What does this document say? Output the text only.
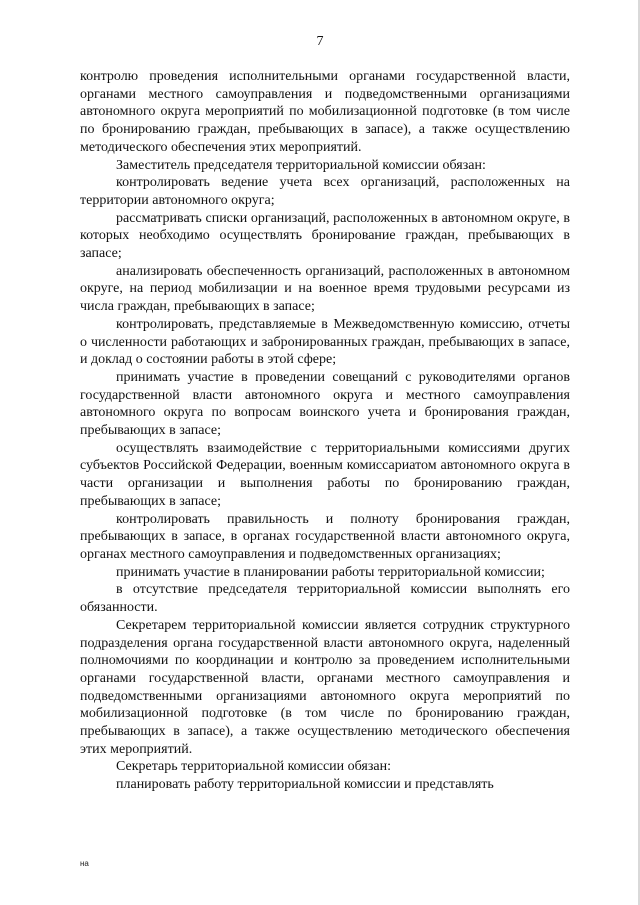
7

контролю проведения исполнительными органами государственной власти, органами местного самоуправления и подведомственными организациями автономного округа мероприятий по мобилизационной подготовке (в том числе по бронированию граждан, пребывающих в запасе), а также осуществлению методического обеспечения этих мероприятий.

Заместитель председателя территориальной комиссии обязан:

контролировать ведение учета всех организаций, расположенных на территории автономного округа;

рассматривать списки организаций, расположенных в автономном округе, в которых необходимо осуществлять бронирование граждан, пребывающих в запасе;

анализировать обеспеченность организаций, расположенных в автономном округе, на период мобилизации и на военное время трудовыми ресурсами из числа граждан, пребывающих в запасе;

контролировать, представляемые в Межведомственную комиссию, отчеты о численности работающих и забронированных граждан, пребывающих в запасе, и доклад о состоянии работы в этой сфере;

принимать участие в проведении совещаний с руководителями органов государственной власти автономного округа и местного самоуправления автономного округа по вопросам воинского учета и бронирования граждан, пребывающих в запасе;

осуществлять взаимодействие с территориальными комиссиями других субъектов Российской Федерации, военным комиссариатом автономного округа в части организации и выполнения работы по бронированию граждан, пребывающих в запасе;

контролировать правильность и полноту бронирования граждан, пребывающих в запасе, в органах государственной власти автономного округа, органах местного самоуправления и подведомственных организациях;

принимать участие в планировании работы территориальной комиссии;

в отсутствие председателя территориальной комиссии выполнять его обязанности.

Секретарем территориальной комиссии является сотрудник структурного подразделения органа государственной власти автономного округа, наделенный полномочиями по координации и контролю за проведением исполнительными органами государственной власти, органами местного самоуправления и подведомственными организациями автономного округа мероприятий по мобилизационной подготовке (в том числе по бронированию граждан, пребывающих в запасе), а также осуществлению методического обеспечения этих мероприятий.

Секретарь территориальной комиссии обязан:

планировать работу территориальной комиссии и представлять

на
